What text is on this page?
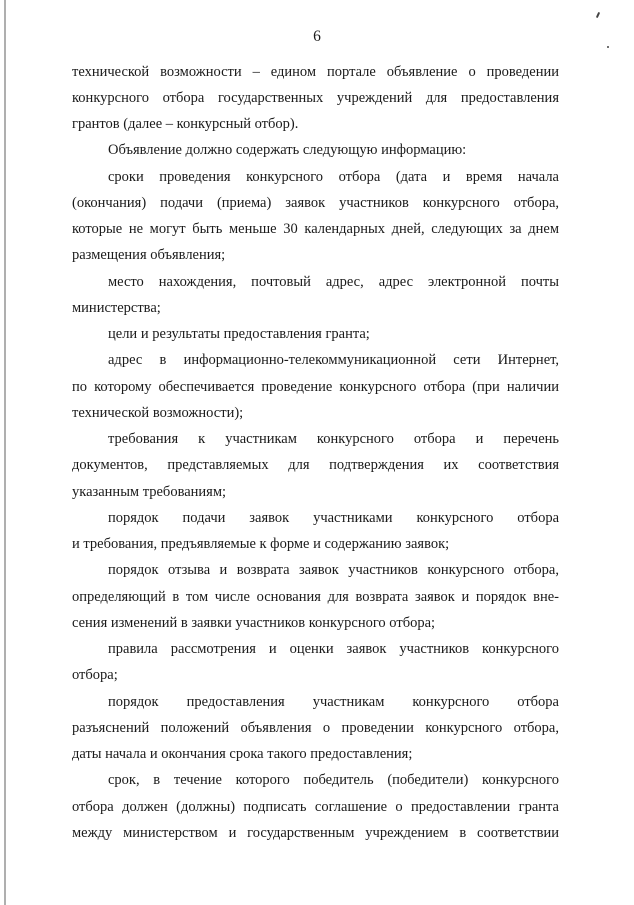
6
технической возможности – едином портале объявление о проведении
конкурсного отбора государственных учреждений для предоставления
грантов (далее – конкурсный отбор).
Объявление должно содержать следующую информацию:
сроки проведения конкурсного отбора (дата и время начала
(окончания) подачи (приема) заявок участников конкурсного отбора,
которые не могут быть меньше 30 календарных дней, следующих за днем
размещения объявления;
место нахождения, почтовый адрес, адрес электронной почты
министерства;
цели и результаты предоставления гранта;
адрес в информационно-телекоммуникационной сети Интернет,
по которому обеспечивается проведение конкурсного отбора (при наличии
технической возможности);
требования к участникам конкурсного отбора и перечень
документов, представляемых для подтверждения их соответствия
указанным требованиям;
порядок подачи заявок участниками конкурсного отбора
и требования, предъявляемые к форме и содержанию заявок;
порядок отзыва и возврата заявок участников конкурсного отбора,
определяющий в том числе основания для возврата заявок и порядок вне-
сения изменений в заявки участников конкурсного отбора;
правила рассмотрения и оценки заявок участников конкурсного
отбора;
порядок предоставления участникам конкурсного отбора
разъяснений положений объявления о проведении конкурсного отбора,
даты начала и окончания срока такого предоставления;
срок, в течение которого победитель (победители) конкурсного
отбора должен (должны) подписать соглашение о предоставлении гранта
между министерством и государственным учреждением в соответствии
